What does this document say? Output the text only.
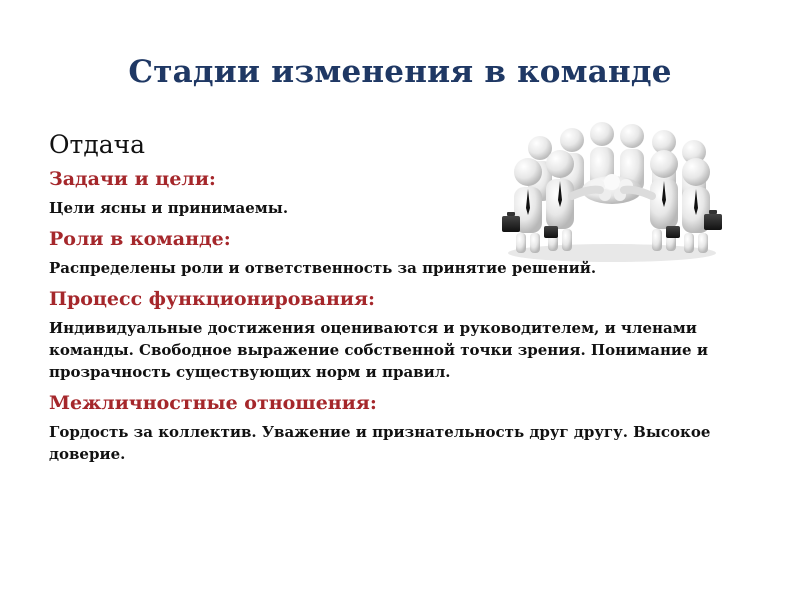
Стадии изменения в команде
Отдача
Задачи и цели:
Цели ясны и принимаемы.
Роли в команде:
Распределены роли и ответственность за принятие решений.
Процесс функционирования:
Индивидуальные достижения оцениваются и руководителем, и членами команды. Свободное выражение собственной точки зрения. Понимание и прозрачность существующих норм и правил.
Межличностные отношения:
Гордость за коллектив. Уважение и признательность друг другу. Высокое доверие.
